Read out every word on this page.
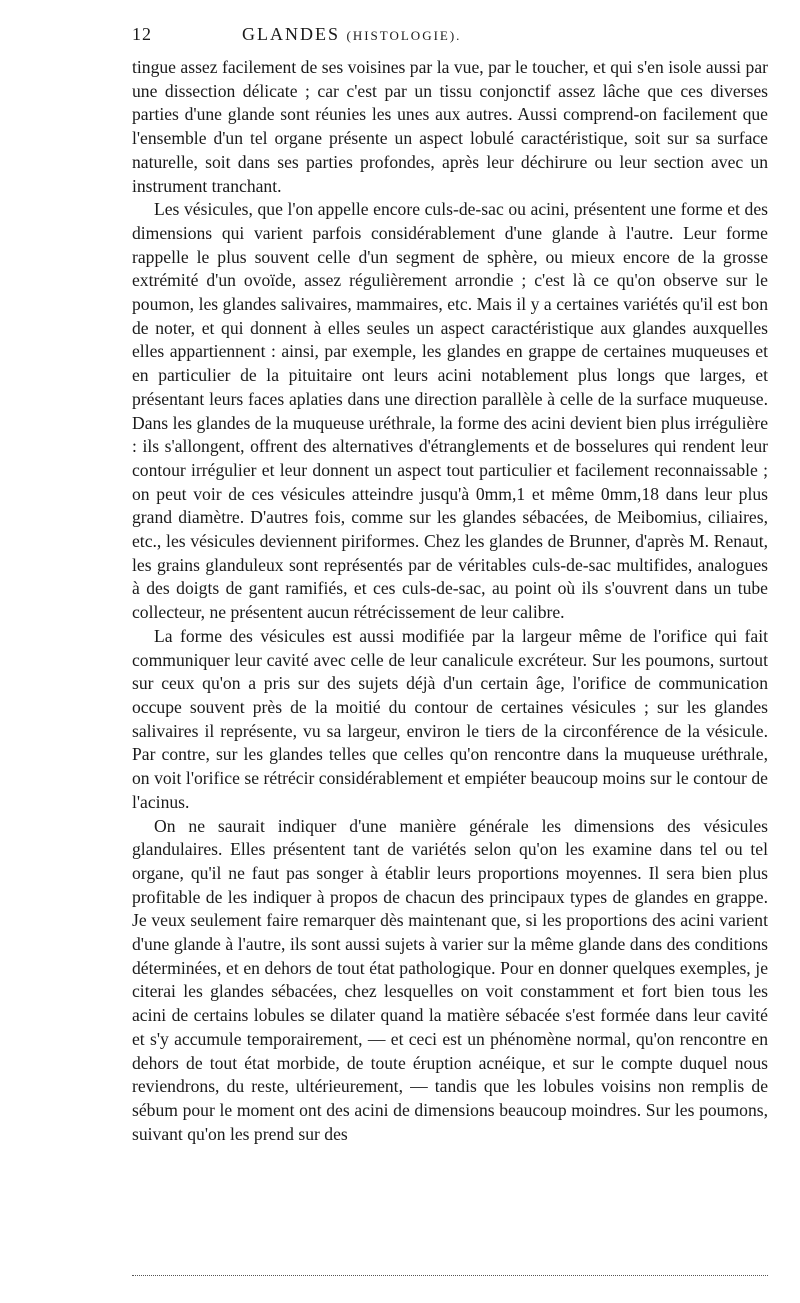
12	GLANDES (HISTOLOGIE).

tingue assez facilement de ses voisines par la vue, par le toucher, et qui s'en isole aussi par une dissection délicate ; car c'est par un tissu conjonctif assez lâche que ces diverses parties d'une glande sont réunies les unes aux autres. Aussi comprend-on facilement que l'ensemble d'un tel organe présente un aspect lobulé caractéristique, soit sur sa surface naturelle, soit dans ses parties profondes, après leur déchirure ou leur section avec un instrument tranchant.

Les vésicules, que l'on appelle encore culs-de-sac ou acini, présentent une forme et des dimensions qui varient parfois considérablement d'une glande à l'autre. Leur forme rappelle le plus souvent celle d'un segment de sphère, ou mieux encore de la grosse extrémité d'un ovoïde, assez régulièrement arrondie ; c'est là ce qu'on observe sur le poumon, les glandes salivaires, mammaires, etc. Mais il y a certaines variétés qu'il est bon de noter, et qui donnent à elles seules un aspect caractéristique aux glandes auxquelles elles appartiennent : ainsi, par exemple, les glandes en grappe de certaines muqueuses et en particulier de la pituitaire ont leurs acini notablement plus longs que larges, et présentant leurs faces aplaties dans une direction parallèle à celle de la surface muqueuse. Dans les glandes de la muqueuse uréthrale, la forme des acini devient bien plus irrégulière : ils s'allongent, offrent des alternatives d'étranglements et de bosselures qui rendent leur contour irrégulier et leur donnent un aspect tout particulier et facilement reconnaissable ; on peut voir de ces vésicules atteindre jusqu'à 0mm,1 et même 0mm,18 dans leur plus grand diamètre. D'autres fois, comme sur les glandes sébacées, de Meibomius, ciliaires, etc., les vésicules deviennent piriformes. Chez les glandes de Brunner, d'après M. Renaut, les grains glanduleux sont représentés par de véritables culs-de-sac multifides, analogues à des doigts de gant ramifiés, et ces culs-de-sac, au point où ils s'ouvrent dans un tube collecteur, ne présentent aucun rétrécissement de leur calibre.

La forme des vésicules est aussi modifiée par la largeur même de l'orifice qui fait communiquer leur cavité avec celle de leur canalicule excréteur. Sur les poumons, surtout sur ceux qu'on a pris sur des sujets déjà d'un certain âge, l'orifice de communication occupe souvent près de la moitié du contour de certaines vésicules ; sur les glandes salivaires il représente, vu sa largeur, environ le tiers de la circonférence de la vésicule. Par contre, sur les glandes telles que celles qu'on rencontre dans la muqueuse uréthrale, on voit l'orifice se rétrécir considérablement et empiéter beaucoup moins sur le contour de l'acinus.

On ne saurait indiquer d'une manière générale les dimensions des vésicules glandulaires. Elles présentent tant de variétés selon qu'on les examine dans tel ou tel organe, qu'il ne faut pas songer à établir leurs proportions moyennes. Il sera bien plus profitable de les indiquer à propos de chacun des principaux types de glandes en grappe. Je veux seulement faire remarquer dès maintenant que, si les proportions des acini varient d'une glande à l'autre, ils sont aussi sujets à varier sur la même glande dans des conditions déterminées, et en dehors de tout état pathologique. Pour en donner quelques exemples, je citerai les glandes sébacées, chez lesquelles on voit constamment et fort bien tous les acini de certains lobules se dilater quand la matière sébacée s'est formée dans leur cavité et s'y accumule temporairement, — et ceci est un phénomène normal, qu'on rencontre en dehors de tout état morbide, de toute éruption acnéique, et sur le compte duquel nous reviendrons, du reste, ultérieurement, — tandis que les lobules voisins non remplis de sébum pour le moment ont des acini de dimensions beaucoup moindres. Sur les poumons, suivant qu'on les prend sur des
